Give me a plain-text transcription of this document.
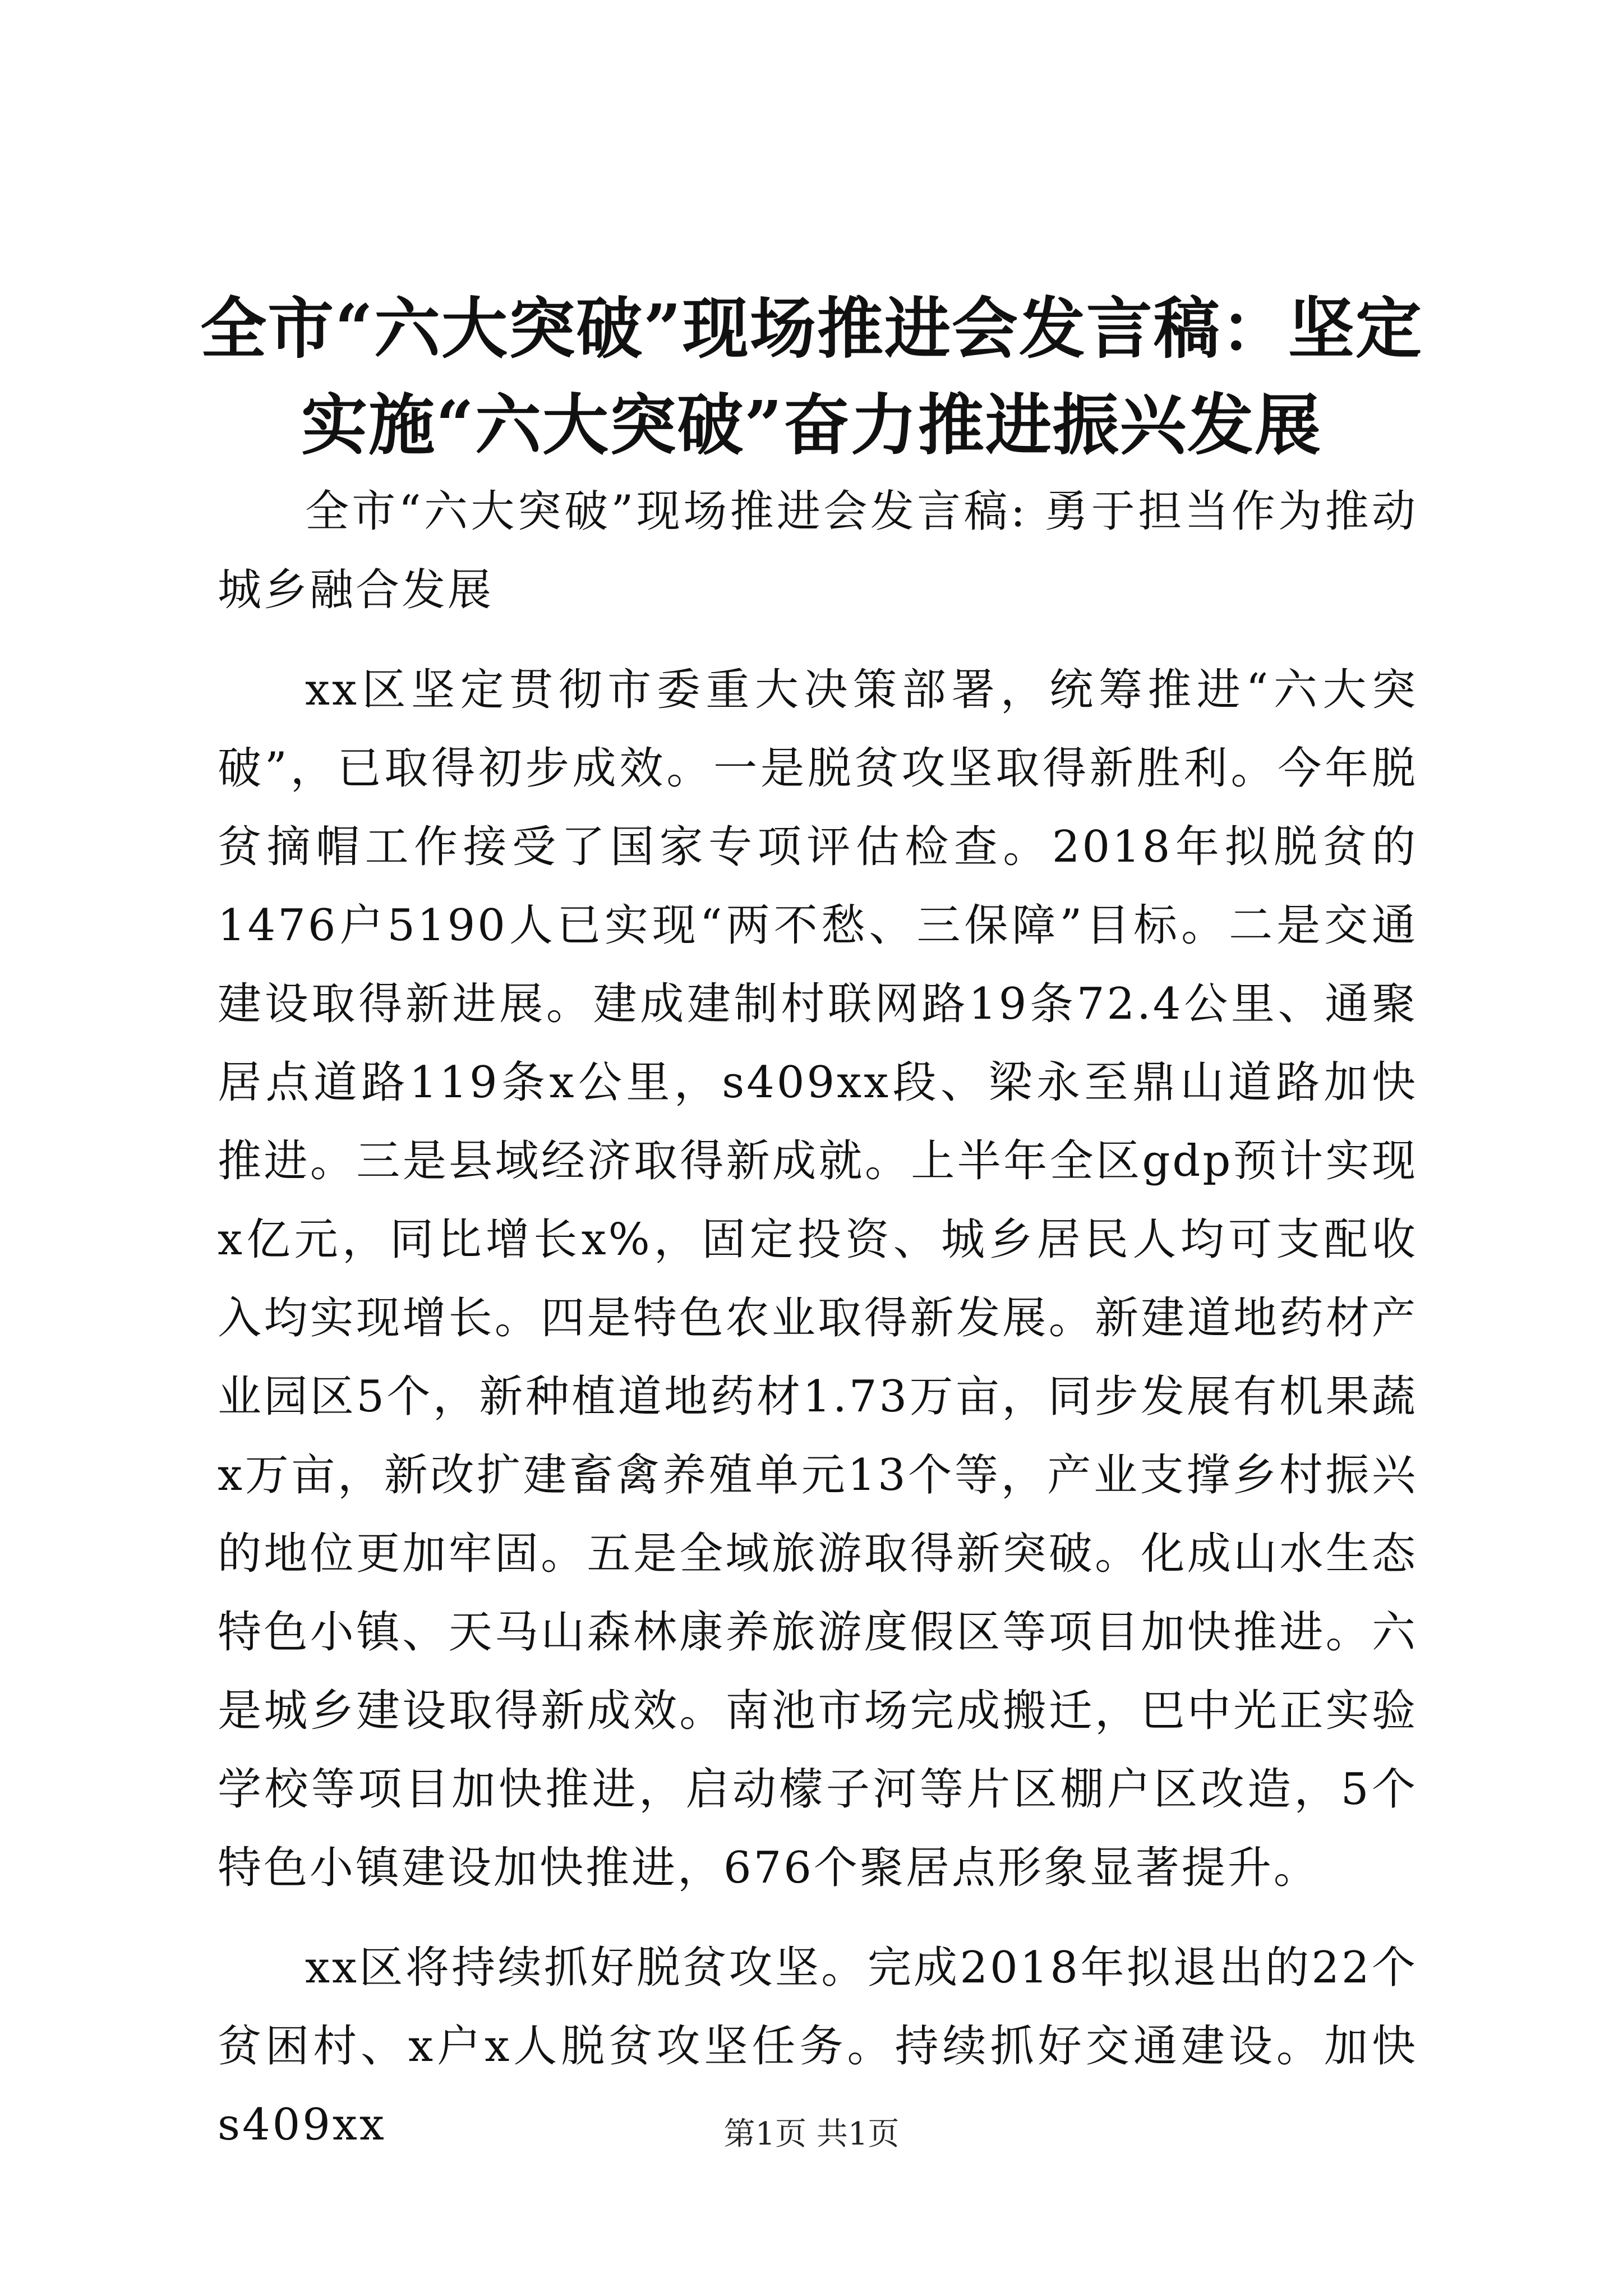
全市“六大突破”现场推进会发言稿：坚定实施“六大突破”奋力推进振兴发展

全市“六大突破”现场推进会发言稿: 勇于担当作为推动城乡融合发展

xx区坚定贯彻市委重大决策部署，统筹推进“六大突破”，已取得初步成效。一是脱贫攻坚取得新胜利。今年脱贫摘帽工作接受了国家专项评估检查。2018年拟脱贫的1476户5190人已实现“两不愁、三保障”目标。二是交通建设取得新进展。建成建制村联网路19条72.4公里、通聚居点道路119条x公里，s409xx段、梁永至鼎山道路加快推进。三是县域经济取得新成就。上半年全区gdp预计实现x亿元，同比增长x%，固定投资、城乡居民人均可支配收入均实现增长。四是特色农业取得新发展。新建道地药材产业园区5个，新种植道地药材1.73万亩，同步发展有机果蔬x万亩，新改扩建畜禽养殖单元13个等，产业支撑乡村振兴的地位更加牢固。五是全域旅游取得新突破。化成山水生态特色小镇、天马山森林康养旅游度假区等项目加快推进。六是城乡建设取得新成效。南池市场完成搬迁，巴中光正实验学校等项目加快推进，启动檬子河等片区棚户区改造，5个特色小镇建设加快推进，676个聚居点形象显著提升。

xx区将持续抓好脱贫攻坚。完成2018年拟退出的22个贫困村、x户x人脱贫攻坚任务。持续抓好交通建设。加快s409xx	第1页 共1页
